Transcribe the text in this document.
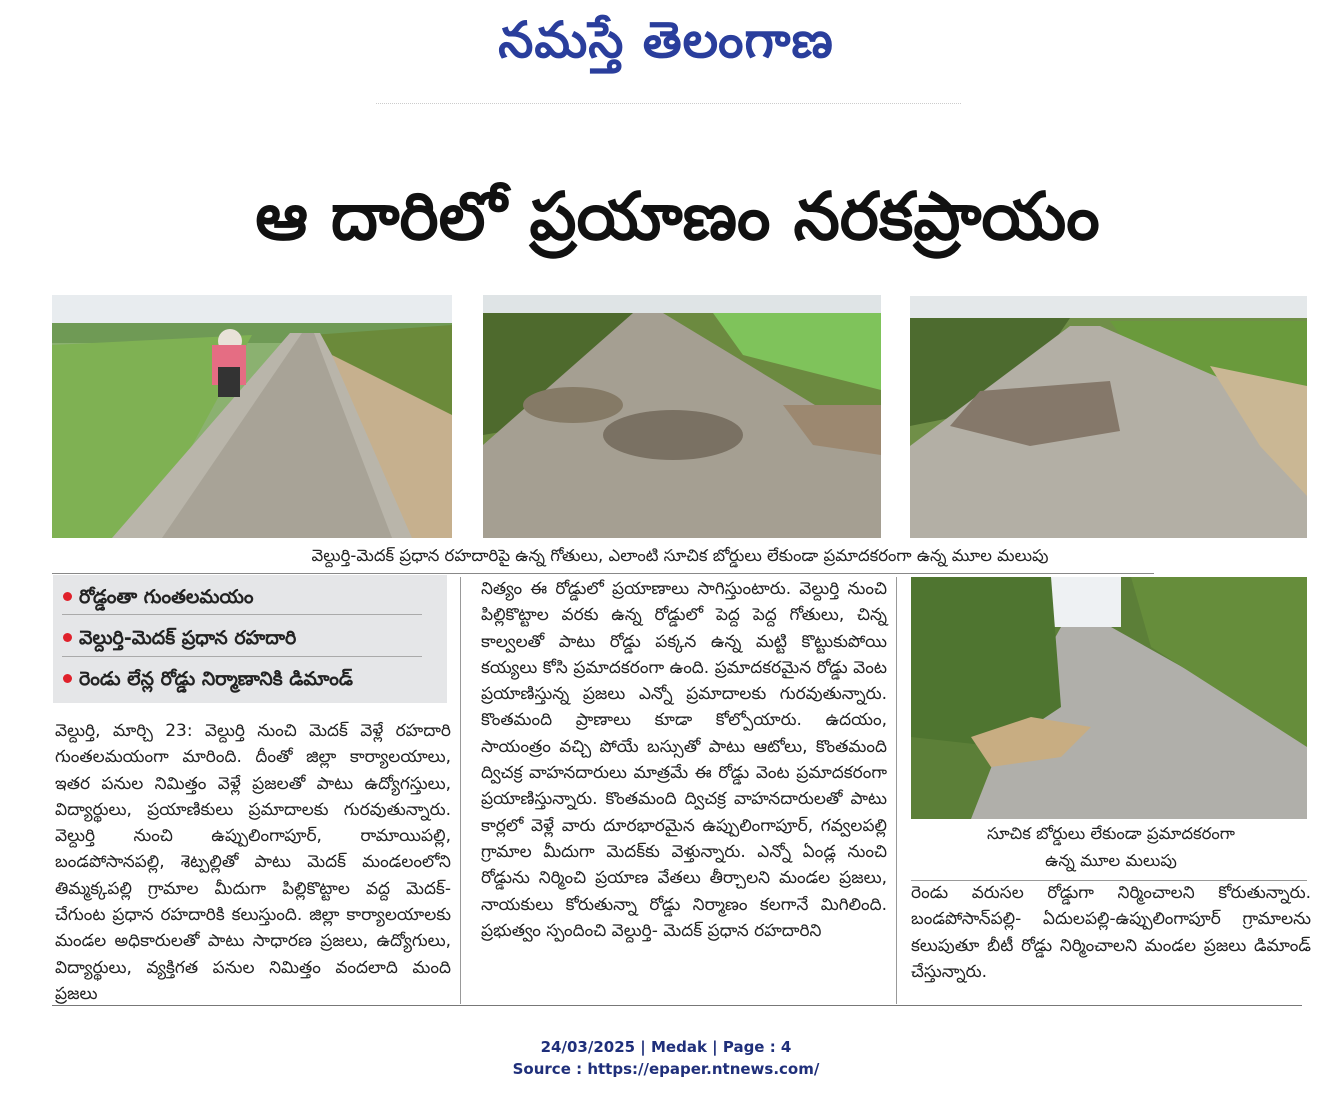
నమస్తే తెలంగాణ
ఆ దారిలో ప్రయాణం నరకప్రాయం
వెల్దుర్తి-మెదక్ ప్రధాన రహదారిపై ఉన్న గోతులు, ఎలాంటి సూచిక బోర్డులు లేకుండా ప్రమాదకరంగా ఉన్న మూల మలుపు
రోడ్డంతా గుంతలమయం
వెల్దుర్తి-మెదక్ ప్రధాన రహదారి
రెండు లేన్ల రోడ్డు నిర్మాణానికి డిమాండ్
వెల్దుర్తి, మార్చి 23: వెల్దుర్తి నుంచి మెదక్ వెళ్లే రహదారి గుంతలమయంగా మారింది. దీంతో జిల్లా కార్యాలయాలు, ఇతర పనుల నిమిత్తం వెళ్లే ప్రజలతో పాటు ఉద్యోగస్తులు, విద్యార్థులు, ప్రయాణికులు ప్రమాదాలకు గురవుతున్నారు. వెల్దుర్తి నుంచి ఉప్పులింగాపూర్, రామాయిపల్లి, బండపోసానపల్లి, శెట్పల్లితో పాటు మెదక్ మండలంలోని తిమ్మక్కపల్లి గ్రామాల మీదుగా పిల్లికొట్టాల వద్ద మెదక్- చేగుంట ప్రధాన రహదారికి కలుస్తుంది. జిల్లా కార్యాలయాలకు మండల అధికారులతో పాటు సాధారణ ప్రజలు, ఉద్యోగులు, విద్యార్థులు, వ్యక్తిగత పనుల నిమిత్తం వందలాది మంది ప్రజలు
నిత్యం ఈ రోడ్డులో ప్రయాణాలు సాగిస్తుంటారు. వెల్దుర్తి నుంచి పిల్లికొట్టాల వరకు ఉన్న రోడ్డులో పెద్ద పెద్ద గోతులు, చిన్న కాల్వలతో పాటు రోడ్డు పక్కన ఉన్న మట్టి కొట్టుకుపోయి కయ్యలు కోసి ప్రమాదకరంగా ఉంది. ప్రమాదకరమైన రోడ్డు వెంట ప్రయాణిస్తున్న ప్రజలు ఎన్నో ప్రమాదాలకు గురవుతున్నారు. కొంతమంది ప్రాణాలు కూడా కోల్పోయారు. ఉదయం, సాయంత్రం వచ్చి పోయే బస్సుతో పాటు ఆటోలు, కొంతమంది ద్విచక్ర వాహనదారులు మాత్రమే ఈ రోడ్డు వెంట ప్రమాదకరంగా ప్రయాణిస్తున్నారు. కొంతమంది ద్విచక్ర వాహనదారులతో పాటు కార్లలో వెళ్లే వారు దూరభారమైన ఉప్పులింగాపూర్, గవ్వలపల్లి గ్రామాల మీదుగా మెదక్‌కు వెళ్తున్నారు. ఎన్నో ఏండ్ల నుంచి రోడ్డును నిర్మించి ప్రయాణ వేతలు తీర్చాలని మండల ప్రజలు, నాయకులు కోరుతున్నా రోడ్డు నిర్మాణం కలగానే మిగిలింది. ప్రభుత్వం స్పందించి వెల్దుర్తి- మెదక్ ప్రధాన రహదారిని
సూచిక బోర్డులు లేకుండా ప్రమాదకరంగా
ఉన్న మూల మలుపు
రెండు వరుసల రోడ్డుగా నిర్మించాలని కోరుతున్నారు. బండపోసాన్‌పల్లి- ఏదులపల్లి-ఉప్పులింగాపూర్ గ్రామాలను కలుపుతూ బీటీ రోడ్డు నిర్మించాలని మండల ప్రజలు డిమాండ్ చేస్తున్నారు.
24/03/2025 | Medak | Page : 4
Source : https://epaper.ntnews.com/
